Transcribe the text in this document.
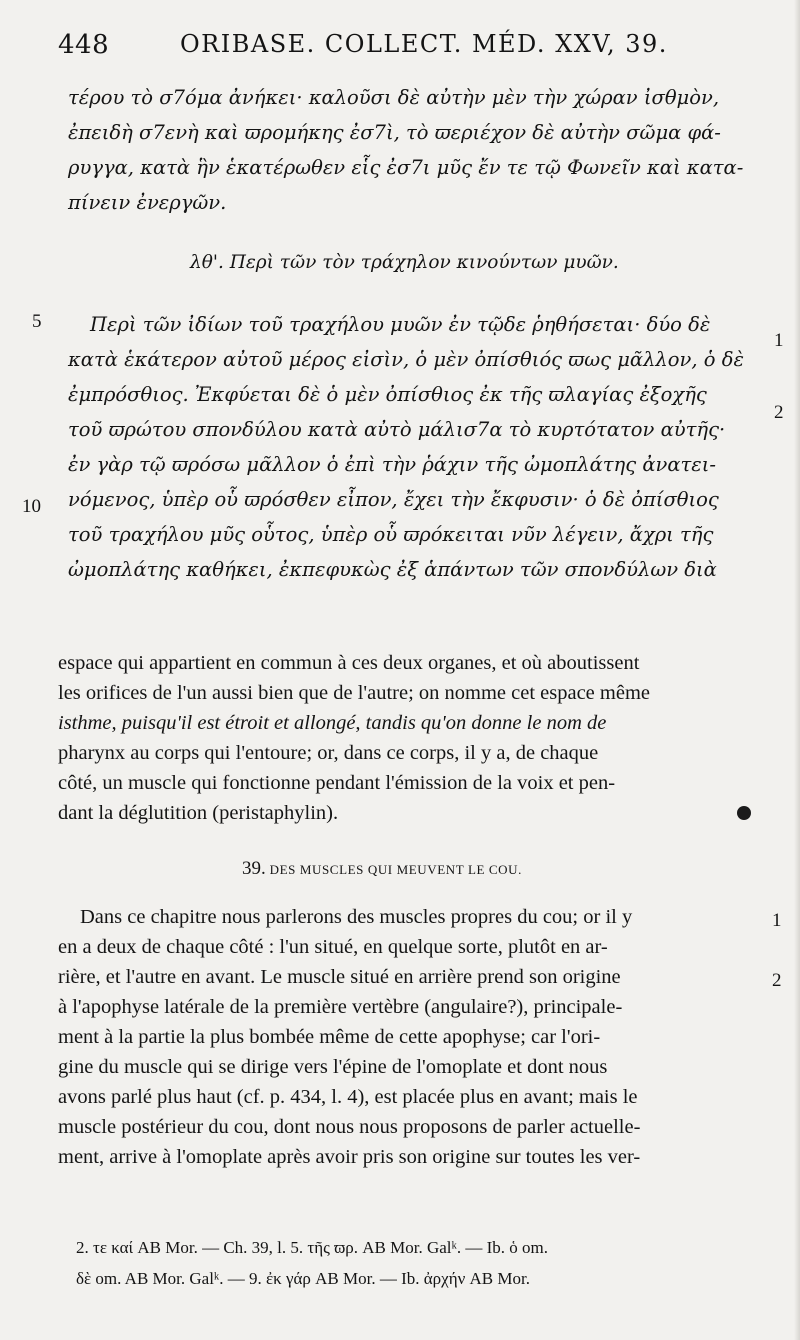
448	ORIBASE. COLLECT. MÉD. XXV, 39.
τέρου τὸ σ7όμα ἀνήκει· καλοῦσι δὲ αὐτὴν μὲν τὴν χώραν ἰσθμὸν,
ἐπειδὴ σ7ενὴ καὶ ϖρομήκης ἐσ7ὶ, τὸ ϖεριέχον δὲ αὐτὴν σῶμα φά-
ρυγγα, κατὰ ἣν ἑκατέρωθεν εἷς ἐσ7ι μῦς ἔν τε τῷ Φωνεῖν καὶ κατα-
πίνειν ἐνεργῶν.
λθ'. Περὶ τῶν τὸν τράχηλον κινούντων μυῶν.
Περὶ τῶν ἰδίων τοῦ τραχήλου μυῶν ἐν τῷδε ῥηθήσεται· δύο δὲ
κατὰ ἑκάτερον αὐτοῦ μέρος εἰσὶν, ὁ μὲν ὀπίσθιός ϖως μᾶλλον, ὁ δὲ
ἐμπρόσθιος. Ἐκφύεται δὲ ὁ μὲν ὀπίσθιος ἐκ τῆς ϖλαγίας ἐξοχῆς
τοῦ ϖρώτου σπονδύλου κατὰ αὐτὸ μάλισ7α τὸ κυρτότατον αὐτῆς·
ἐν γὰρ τῷ ϖρόσω μᾶλλον ὁ ἐπὶ τὴν ῥάχιν τῆς ὠμοπλάτης ἀνατει-
νόμενος, ὑπὲρ οὗ ϖρόσθεν εἶπον, ἔχει τὴν ἔκφυσιν· ὁ δὲ ὀπίσθιος
τοῦ τραχήλου μῦς οὗτος, ὑπὲρ οὗ ϖρόκειται νῦν λέγειν, ἄχρι τῆς
ὠμοπλάτης καθήκει, ἐκπεφυκὼς ἐξ ἁπάντων τῶν σπονδύλων διὰ
5
10
1
2
espace qui appartient en commun à ces deux organes, et où aboutissent
les orifices de l'un aussi bien que de l'autre; on nomme cet espace même
isthme, puisqu'il est étroit et allongé, tandis qu'on donne le nom de
pharynx au corps qui l'entoure; or, dans ce corps, il y a, de chaque
côté, un muscle qui fonctionne pendant l'émission de la voix et pen-
dant la déglutition (peristaphylin).
39. DES MUSCLES QUI MEUVENT LE COU.
Dans ce chapitre nous parlerons des muscles propres du cou; or il y
en a deux de chaque côté : l'un situé, en quelque sorte, plutôt en ar-
rière, et l'autre en avant. Le muscle situé en arrière prend son origine
à l'apophyse latérale de la première vertèbre (angulaire?), principale-
ment à la partie la plus bombée même de cette apophyse; car l'ori-
gine du muscle qui se dirige vers l'épine de l'omoplate et dont nous
avons parlé plus haut (cf. p. 434, l. 4), est placée plus en avant; mais le
muscle postérieur du cou, dont nous nous proposons de parler actuelle-
ment, arrive à l'omoplate après avoir pris son origine sur toutes les ver-
1
2
2. τε καί AB Mor. — Ch. 39, l. 5. τῆς ϖρ. AB Mor. Galᵏ. — Ib. ὁ om.
δὲ om. AB Mor. Galᵏ. — 9. ἐκ γάρ AB Mor. — Ib. ἀρχήν AB Mor.
